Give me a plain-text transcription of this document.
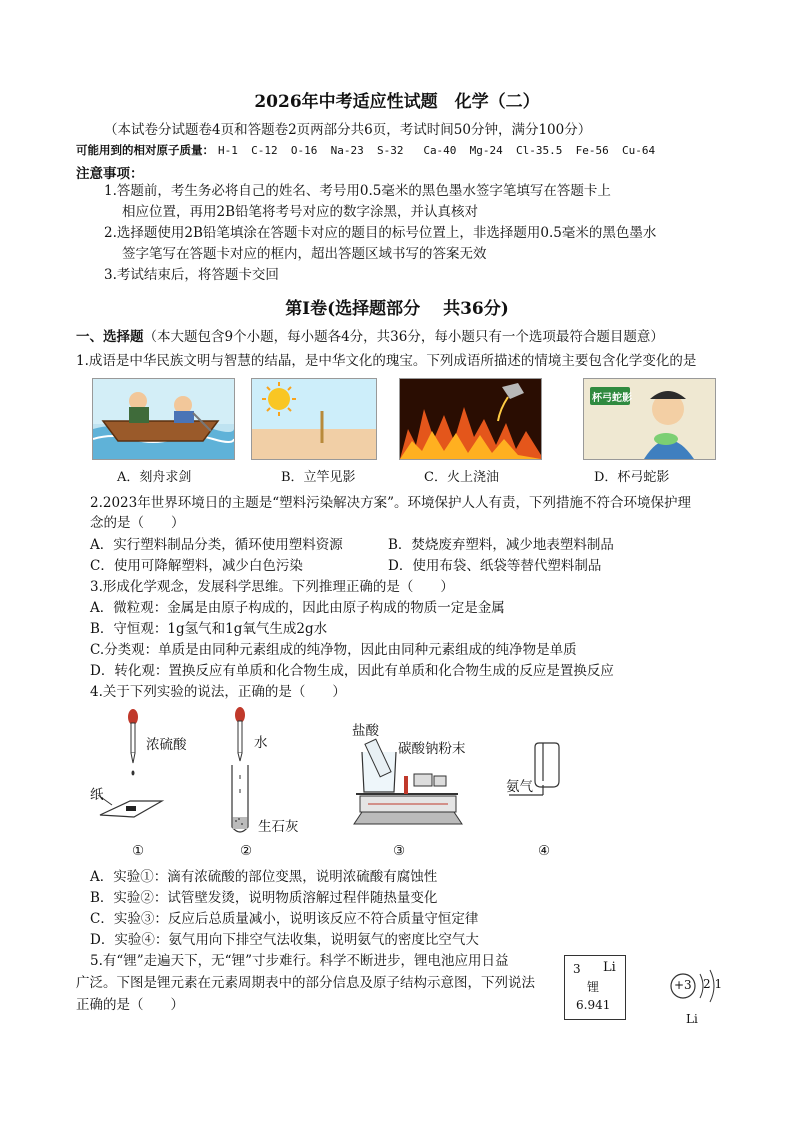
2026年中考适应性试题　化学（二）
（本试卷分试题卷4页和答题卷2页两部分共6页，考试时间50分钟，满分100分）
可能用到的相对原子质量： H-1  C-12  O-16  Na-23  S-32   Ca-40  Mg-24  Cl-35.5  Fe-56  Cu-64
注意事项：
1.答题前，考生务必将自己的姓名、考号用0.5毫米的黑色墨水签字笔填写在答题卡上
相应位置，再用2B铅笔将考号对应的数字涂黑，并认真核对
2.选择题使用2B铅笔填涂在答题卡对应的题目的标号位置上，非选择题用0.5毫米的黑色墨水
签字笔写在答题卡对应的框内，超出答题区域书写的答案无效
3.考试结束后，将答题卡交回
第Ⅰ卷(选择题部分　 共36分)
一、选择题（本大题包含9个小题，每小题各4分，共36分，每小题只有一个选项最符合题目题意）
1.成语是中华民族文明与智慧的结晶，是中华文化的瑰宝。下列成语所描述的情境主要包含化学变化的是
杯弓蛇影
A．刻舟求剑	B．立竿见影	C．火上浇油	D．杯弓蛇影
2.2023年世界环境日的主题是“塑料污染解决方案”。环境保护人人有责，下列措施不符合环境保护理
念的是（　　）
A．实行塑料制品分类，循环使用塑料资源	B．焚烧废弃塑料，减少地表塑料制品
C．使用可降解塑料，减少白色污染	D．使用布袋、纸袋等替代塑料制品
3.形成化学观念，发展科学思维。下列推理正确的是（　　）
A．微粒观：金属是由原子构成的，因此由原子构成的物质一定是金属
B．守恒观：1g氢气和1g氧气生成2g水
C.分类观：单质是由同种元素组成的纯净物，因此由同种元素组成的纯净物是单质
D．转化观：置换反应有单质和化合物生成，因此有单质和化合物生成的反应是置换反应
4.关于下列实验的说法，正确的是（　　）
浓硫酸
纸
水
生石灰
盐酸
碳酸钠粉末
氨气
①	②	③	④
A．实验①：滴有浓硫酸的部位变黑，说明浓硫酸有腐蚀性
B．实验②：试管壁发烫，说明物质溶解过程伴随热量变化
C．实验③：反应后总质量减小，说明该反应不符合质量守恒定律
D．实验④：氨气用向下排空气法收集，说明氨气的密度比空气大
5.有“锂”走遍天下，无“锂”寸步难行。科学不断进步，锂电池应用日益
广泛。下图是锂元素在元素周期表中的部分信息及原子结构示意图，下列说法
正确的是（　　）
3 Li
锂
6.941
+3 2 1
Li
